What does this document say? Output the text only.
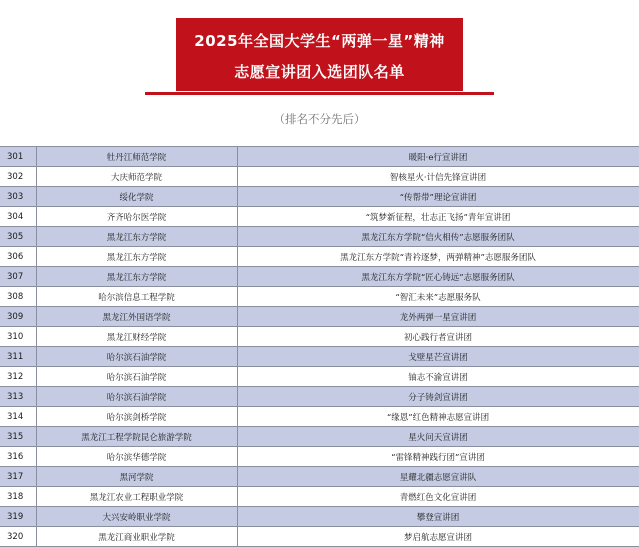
2025年全国大学生“两弹一星”精神
志愿宣讲团入选团队名单
（排名不分先后）
301	牡丹江师范学院	暖阳·e行宣讲团
302	大庆师范学院	智核星火·计信先锋宣讲团
303	绥化学院	“传帮带”理论宣讲团
304	齐齐哈尔医学院	“筑梦新征程，壮志正飞扬”青年宣讲团
305	黑龙江东方学院	黑龙江东方学院“信火相传”志愿服务团队
306	黑龙江东方学院	黑龙江东方学院“青衿逐梦，两弹精神”志愿服务团队
307	黑龙江东方学院	黑龙江东方学院“匠心铸远”志愿服务团队
308	哈尔滨信息工程学院	“智汇未来”志愿服务队
309	黑龙江外国语学院	龙外两弹一星宣讲团
310	黑龙江财经学院	初心践行者宣讲团
311	哈尔滨石油学院	戈壁星芒宣讲团
312	哈尔滨石油学院	铀志不渝宣讲团
313	哈尔滨石油学院	分子铸剑宣讲团
314	哈尔滨剑桥学院	“缘恩”红色精神志愿宣讲团
315	黑龙江工程学院昆仑旅游学院	星火问天宣讲团
316	哈尔滨华德学院	“雷锋精神践行团”宣讲团
317	黑河学院	星耀北疆志愿宣讲队
318	黑龙江农业工程职业学院	青燃红色文化宣讲团
319	大兴安岭职业学院	攀登宣讲团
320	黑龙江商业职业学院	梦启航志愿宣讲团
